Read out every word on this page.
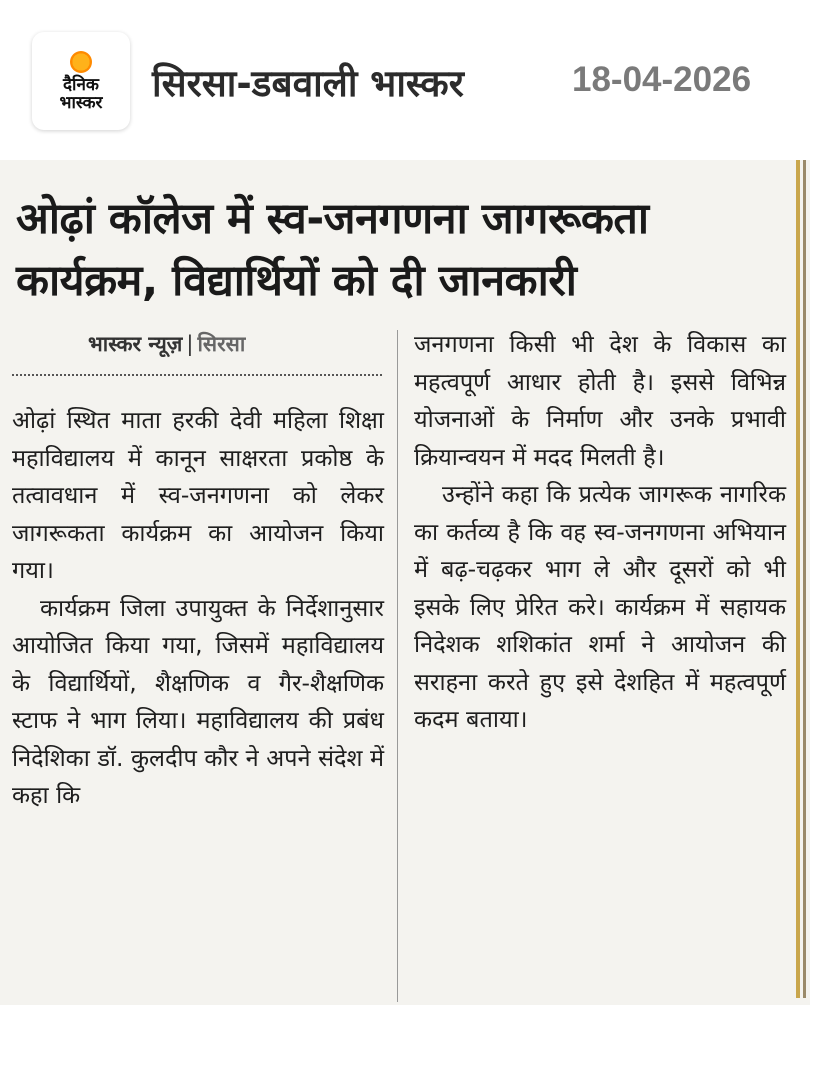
दैनिक
भास्कर सिरसा-डबवाली भास्कर	18-04-2026
ओढ़ां कॉलेज में स्व-जनगणना जागरूकता कार्यक्रम, विद्यार्थियों को दी जानकारी
भास्कर न्यूज़ | सिरसा

ओढ़ां स्थित माता हरकी देवी महिला शिक्षा महाविद्यालय में कानून साक्षरता प्रकोष्ठ के तत्वावधान में स्व-जनगणना को लेकर जागरूकता कार्यक्रम का आयोजन किया गया।

कार्यक्रम जिला उपायुक्त के निर्देशानुसार आयोजित किया गया, जिसमें महाविद्यालय के विद्यार्थियों, शैक्षणिक व गैर-शैक्षणिक स्टाफ ने भाग लिया। महाविद्यालय की प्रबंध निदेशिका डॉ. कुलदीप कौर ने अपने संदेश में कहा कि

जनगणना किसी भी देश के विकास का महत्वपूर्ण आधार होती है। इससे विभिन्न योजनाओं के निर्माण और उनके प्रभावी क्रियान्वयन में मदद मिलती है।

उन्होंने कहा कि प्रत्येक जागरूक नागरिक का कर्तव्य है कि वह स्व-जनगणना अभियान में बढ़-चढ़कर भाग ले और दूसरों को भी इसके लिए प्रेरित करे। कार्यक्रम में सहायक निदेशक शशिकांत शर्मा ने आयोजन की सराहना करते हुए इसे देशहित में महत्वपूर्ण कदम बताया।
